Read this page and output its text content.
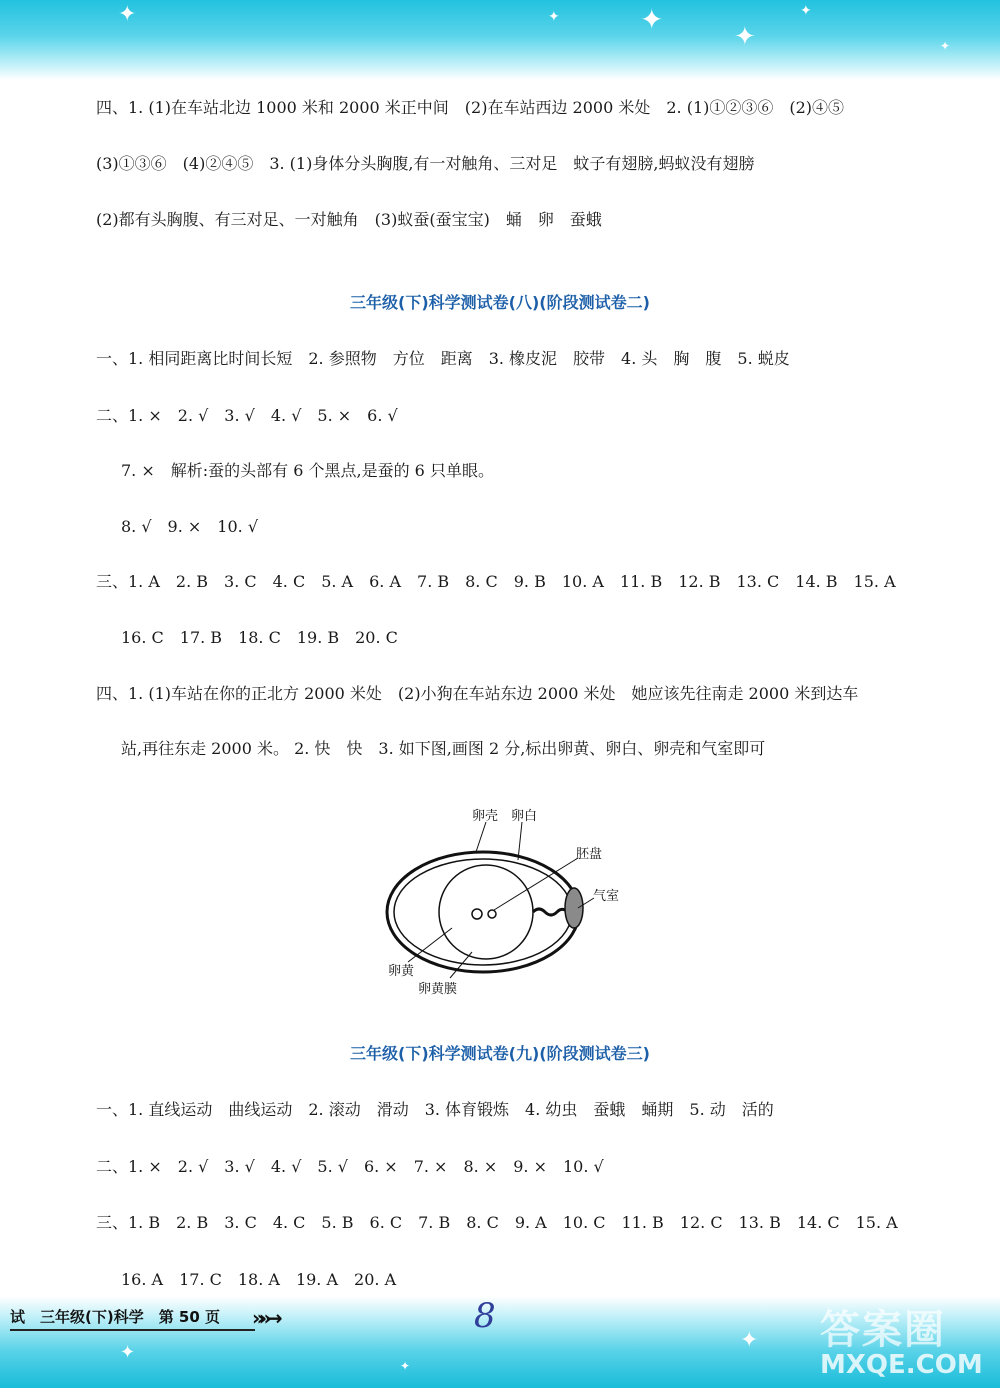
✦	✦	✦
✦
✦
✦
四、1. (1)在车站北边 1000 米和 2000 米正中间　(2)在车站西边 2000 米处　2. (1)①②③⑥　(2)④⑤
(3)①③⑥　(4)②④⑤　3. (1)身体分头胸腹,有一对触角、三对足　蚊子有翅膀,蚂蚁没有翅膀
(2)都有头胸腹、有三对足、一对触角　(3)蚁蚕(蚕宝宝)　蛹　卵　蚕蛾
三年级(下)科学测试卷(八)(阶段测试卷二)
一、1. 相同距离比时间长短　2. 参照物　方位　距离　3. 橡皮泥　胶带　4. 头　胸　腹　5. 蜕皮
二、1. ×　2. √　3. √　4. √　5. ×　6. √
7. ×　解析:蚕的头部有 6 个黑点,是蚕的 6 只单眼。
8. √　9. ×　10. √
三、1. A　2. B　3. C　4. C　5. A　6. A　7. B　8. C　9. B　10. A　11. B　12. B　13. C　14. B　15. A
16. C　17. B　18. C　19. B　20. C
四、1. (1)车站在你的正北方 2000 米处　(2)小狗在车站东边 2000 米处　她应该先往南走 2000 米到达车
站,再往东走 2000 米。 2. 快　快　3. 如下图,画图 2 分,标出卵黄、卵白、卵壳和气室即可
卵壳 卵白
胚盘
气室
卵黄
卵黄膜
三年级(下)科学测试卷(九)(阶段测试卷三)
一、1. 直线运动　曲线运动　2. 滚动　滑动　3. 体育锻炼　4. 幼虫　蚕蛾　蛹期　5. 动　活的
二、1. ×　2. √　3. √　4. √　5. √　6. ×　7. ×　8. ×　9. ×　10. √
三、1. B　2. B　3. C　4. C　5. B　6. C　7. B　8. C　9. A　10. C　11. B　12. C　13. B　14. C　15. A
16. A　17. C　18. A　19. A　20. A
✦
✦
✦
试　三年级(下)科学　第 50 页 »»→	8	答案圈
MXQE.COM
